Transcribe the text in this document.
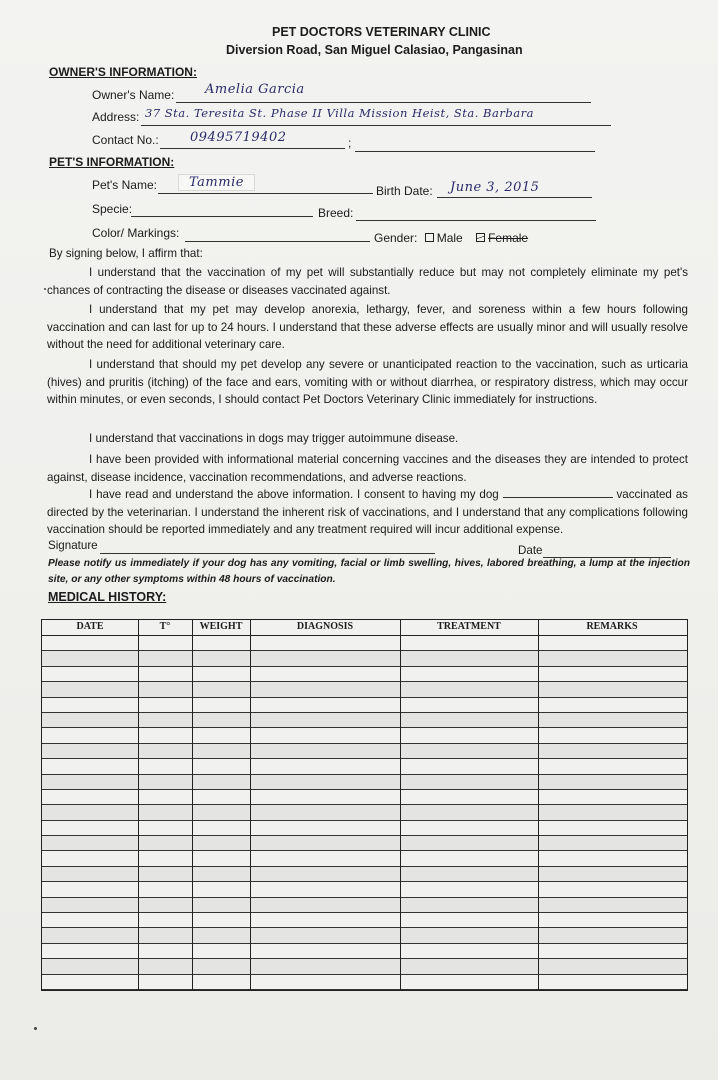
PET DOCTORS VETERINARY CLINIC
Diversion Road, San Miguel Calasiao, Pangasinan
OWNER'S INFORMATION:
Owner's Name: Amelia Garcia
Address: 37 Sta. Teresita St. Phase II Villa Mission Heist, Sta. Barbara
Contact No.:	;
09495719402
PET'S INFORMATION:
Pet's Name:	Tammie
Birth Date: June 3, 2015
Specie:	Breed:
Color/ Markings:	Gender: Male Female
By signing below, I affirm that:
I understand that the vaccination of my pet will substantially reduce but may not completely eliminate my pet's chances of contracting the disease or diseases vaccinated against.
I understand that my pet may develop anorexia, lethargy, fever, and soreness within a few hours following vaccination and can last for up to 24 hours. I understand that these adverse effects are usually minor and will usually resolve without the need for additional veterinary care.
I understand that should my pet develop any severe or unanticipated reaction to the vaccination, such as urticaria (hives) and pruritis (itching) of the face and ears, vomiting with or without diarrhea, or respiratory distress, which may occur within minutes, or even seconds, I should contact Pet Doctors Veterinary Clinic immediately for instructions.
I understand that vaccinations in dogs may trigger autoimmune disease.
I have been provided with informational material concerning vaccines and the diseases they are intended to protect against, disease incidence, vaccination recommendations, and adverse reactions.
I have read and understand the above information. I consent to having my dog	vaccinated as directed by the veterinarian. I understand the inherent risk of vaccinations, and I understand that any complications following vaccination should be reported immediately and any treatment required will incur additional expense.
Signature	Date
Please notify us immediately if your dog has any vomiting, facial or limb swelling, hives, labored breathing, a lump at the injection site, or any other symptoms within 48 hours of vaccination.
MEDICAL HISTORY:
DATE	T°	WEIGHT	DIAGNOSIS	TREATMENT	REMARKS
